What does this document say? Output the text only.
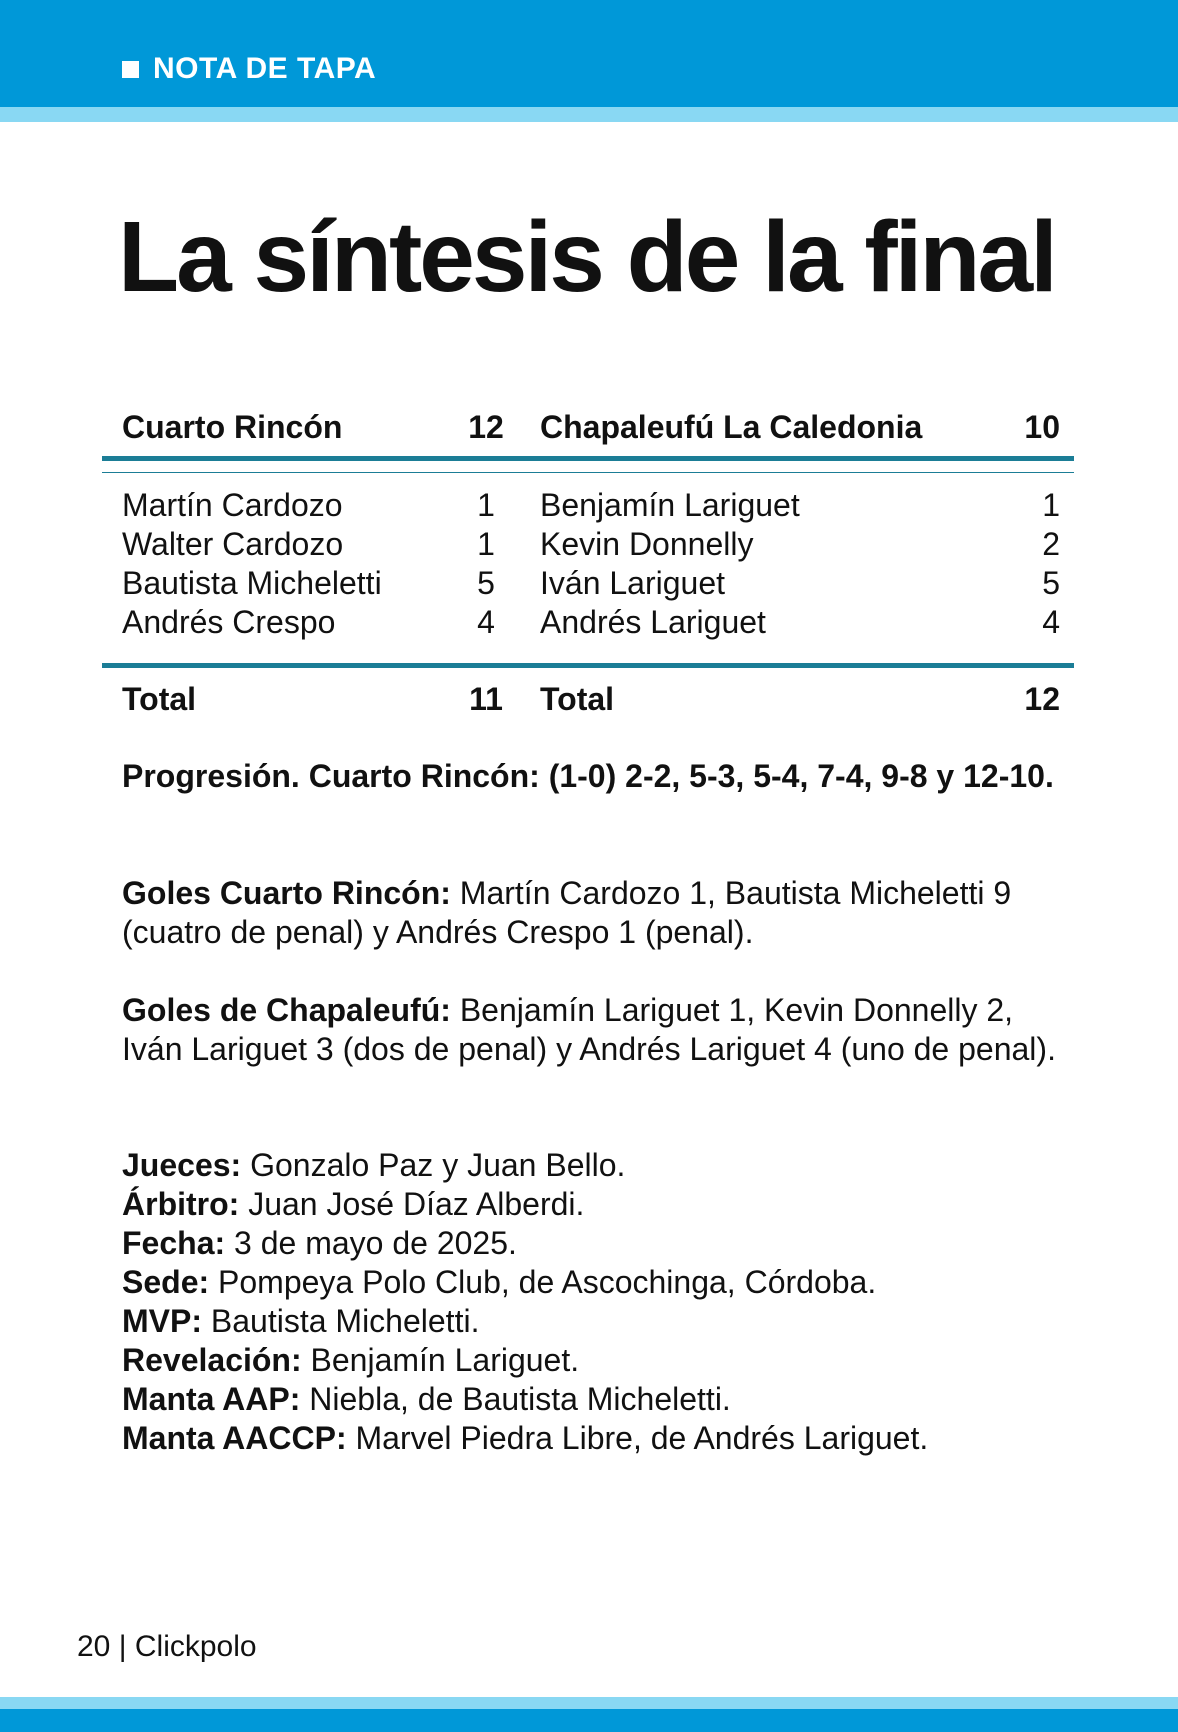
NOTA DE TAPA
La síntesis de la final
Cuarto Rincón	12 Chapaleufú La Caledonia	10
Martín Cardozo	1	Benjamín Lariguet	1
Walter Cardozo	1	Kevin Donnelly	2
Bautista Micheletti	5	Iván Lariguet	5
Andrés Crespo	4	Andrés Lariguet	4
Total	11 Total	12

Progresión. Cuarto Rincón: (1-0) 2-2, 5-3, 5-4, 7-4, 9-8 y 12-10.

Goles Cuarto Rincón: Martín Cardozo 1, Bautista Micheletti 9 (cuatro de penal) y Andrés Crespo 1 (penal).

Goles de Chapaleufú: Benjamín Lariguet 1, Kevin Donnelly 2, Iván Lariguet 3 (dos de penal) y Andrés Lariguet 4 (uno de penal).

Jueces: Gonzalo Paz y Juan Bello.
Árbitro: Juan José Díaz Alberdi.
Fecha: 3 de mayo de 2025.
Sede: Pompeya Polo Club, de Ascochinga, Córdoba.
MVP: Bautista Micheletti.
Revelación: Benjamín Lariguet.
Manta AAP: Niebla, de Bautista Micheletti.
Manta AACCP: Marvel Piedra Libre, de Andrés Lariguet.
20 | Clickpolo
